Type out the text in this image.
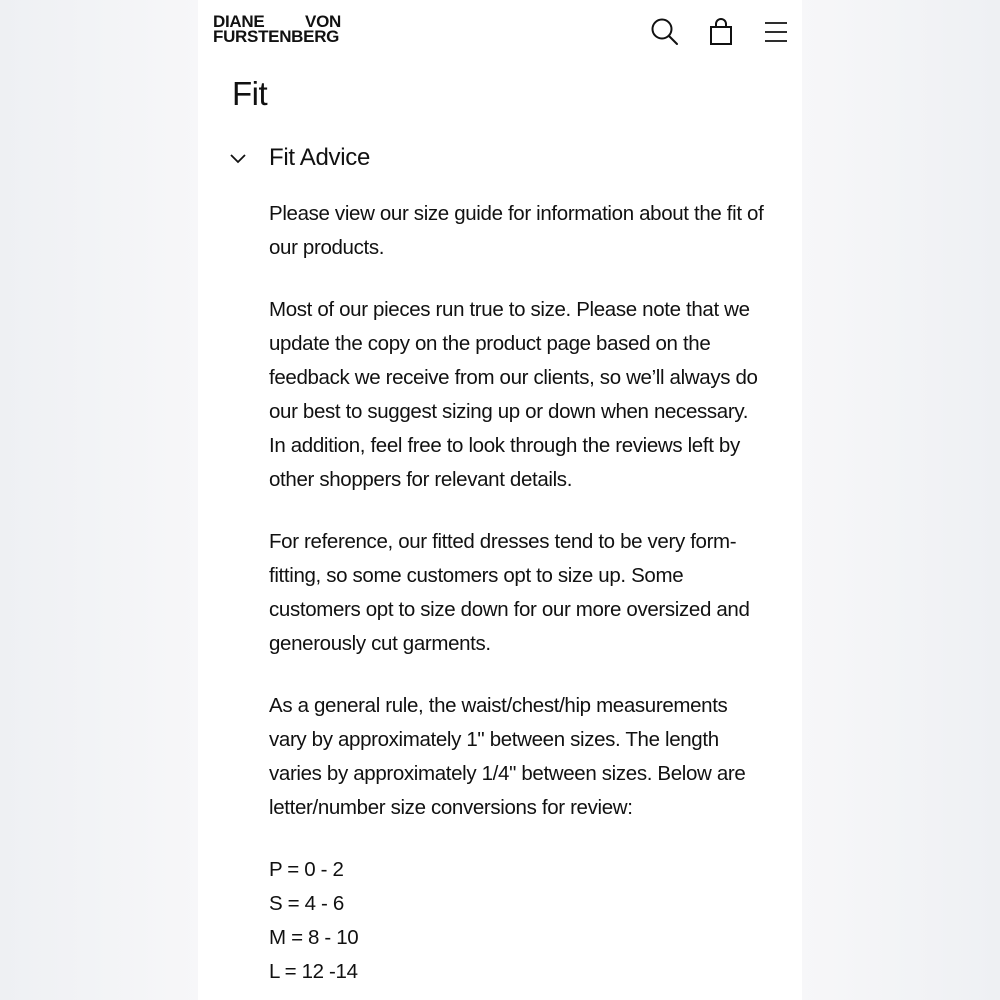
DIANE VON
FURSTENBERG
Fit
Fit Advice

Please view our size guide for information about the fit of our products.

Most of our pieces run true to size. Please note that we update the copy on the product page based on the feedback we receive from our clients, so we’ll always do our best to suggest sizing up or down when necessary. In addition, feel free to look through the reviews left by other shoppers for relevant details.

For reference, our fitted dresses tend to be very form-fitting, so some customers opt to size up. Some customers opt to size down for our more oversized and generously cut garments.

As a general rule, the waist/chest/hip measurements vary by approximately 1" between sizes. The length varies by approximately 1/4" between sizes. Below are letter/number size conversions for review:

P = 0 - 2
S = 4 - 6
M = 8 - 10
L = 12 -14
